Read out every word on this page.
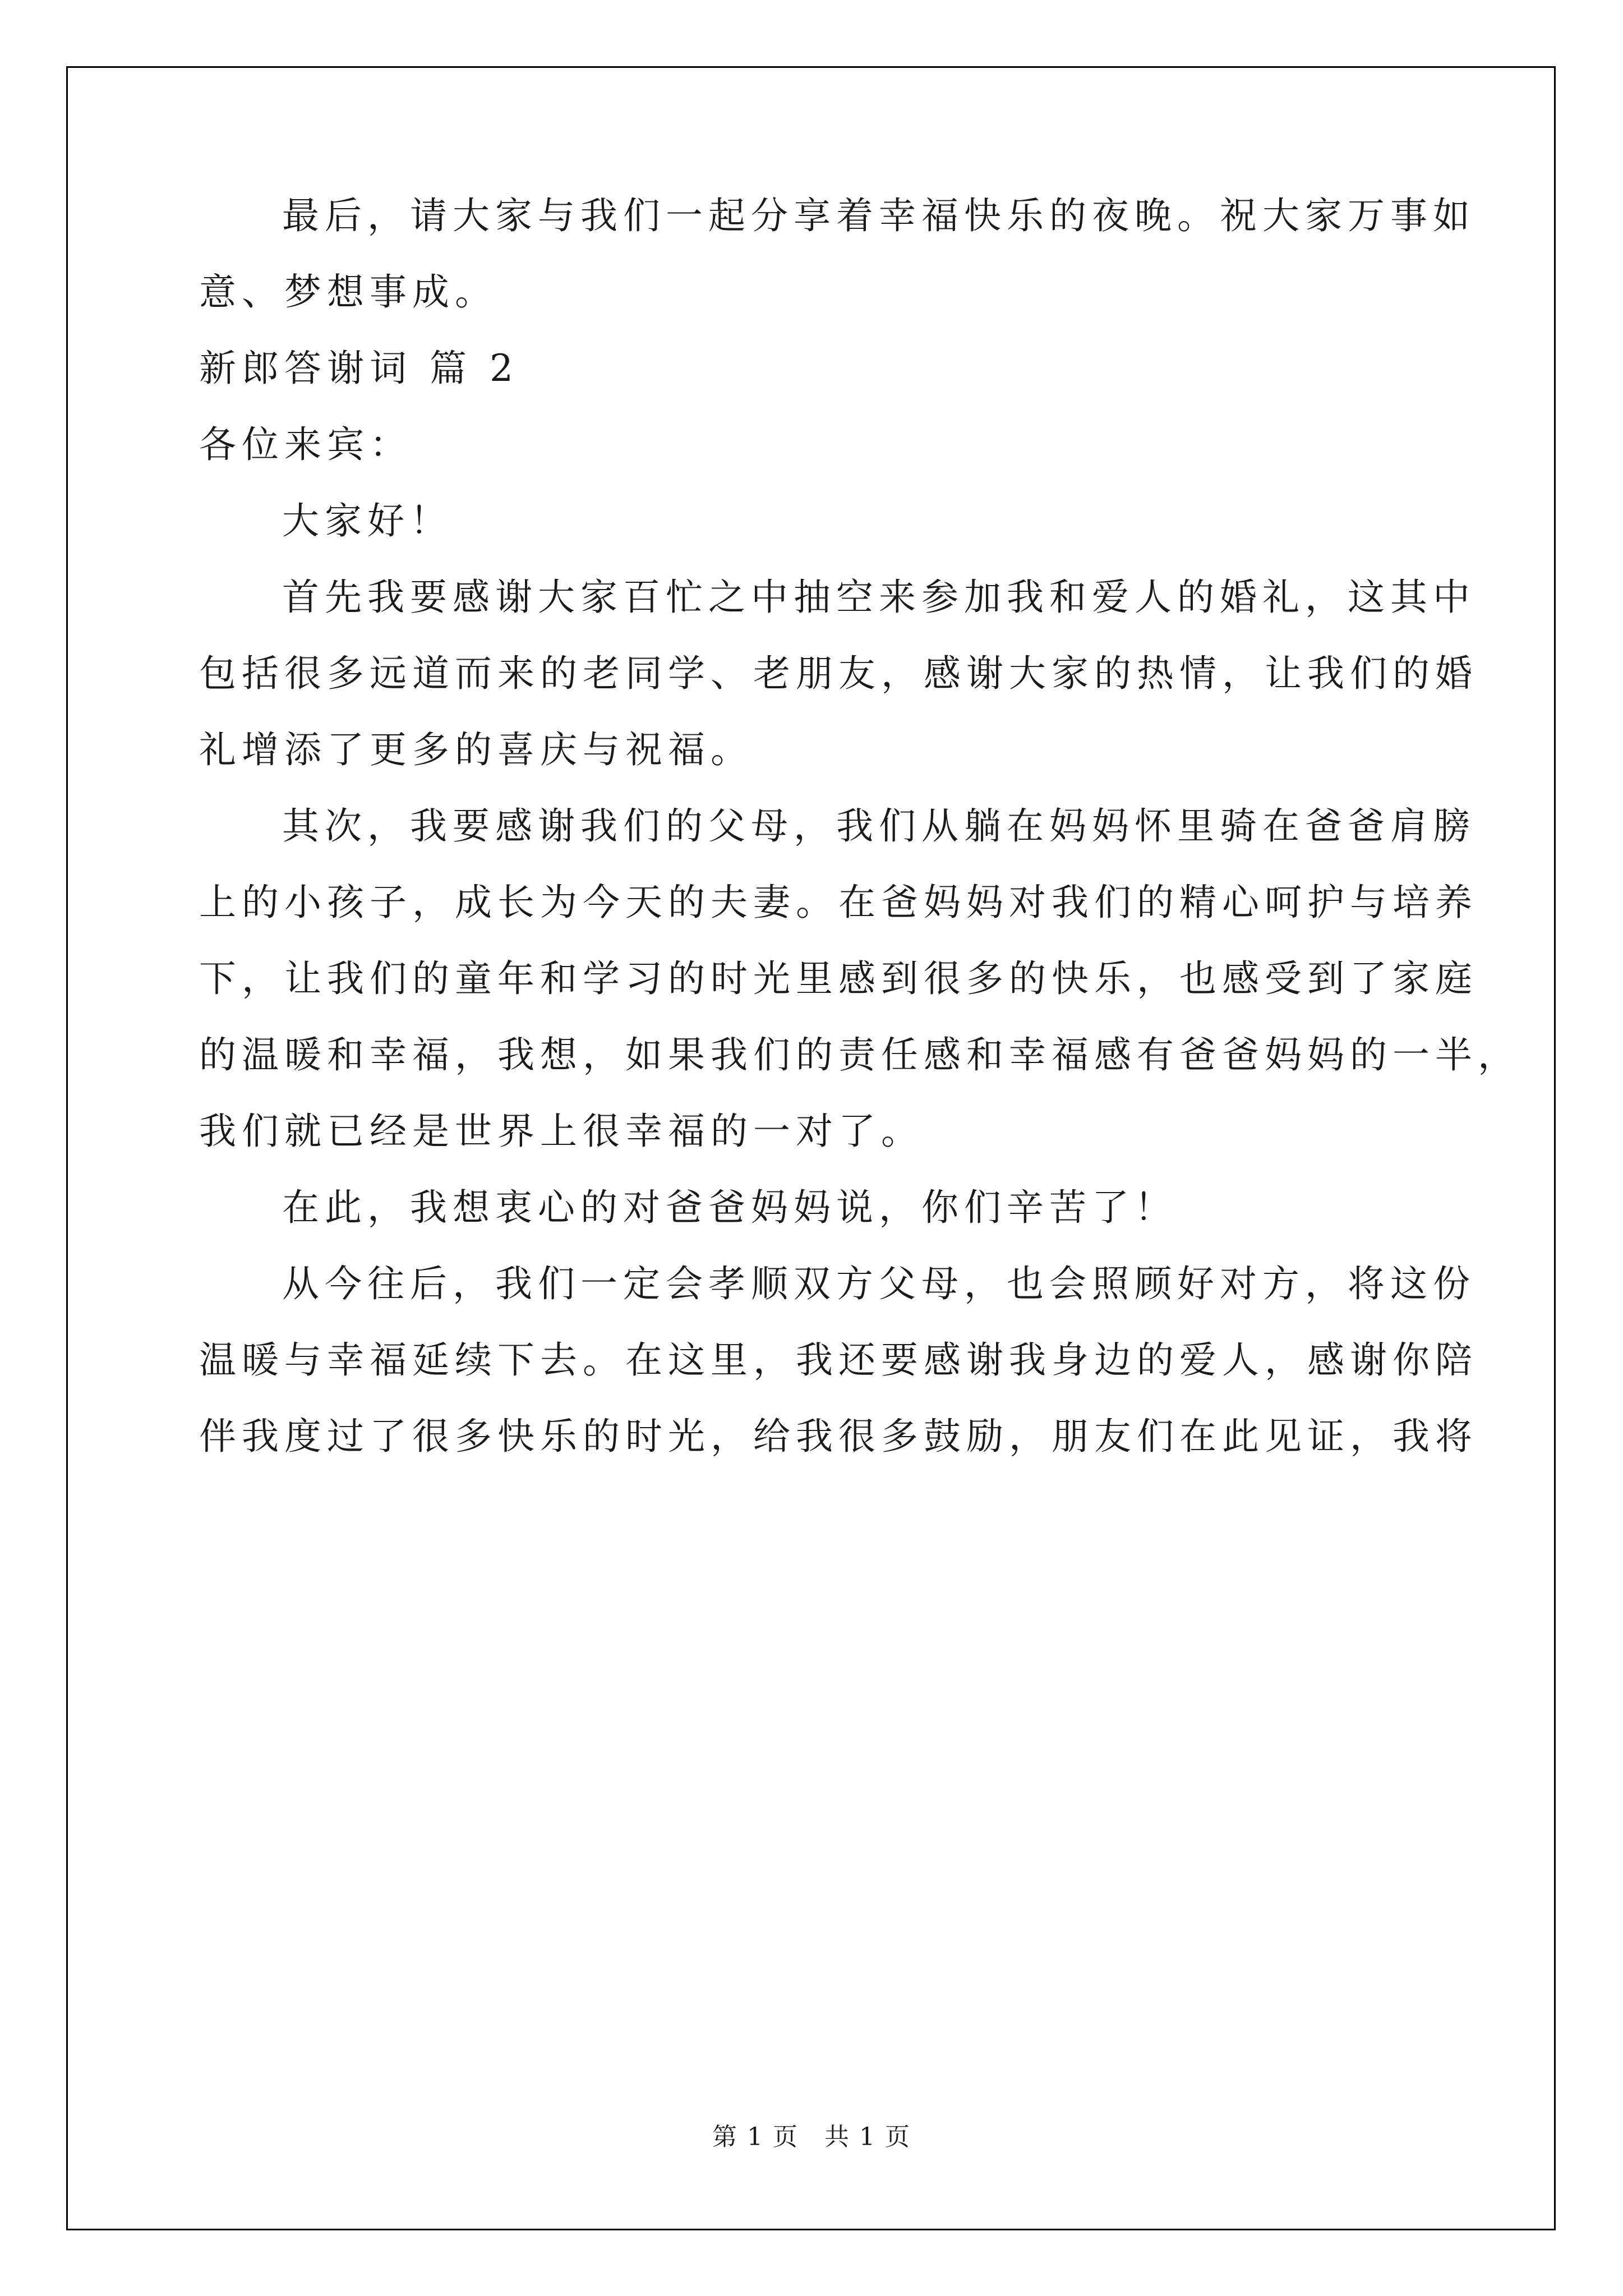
最后，请大家与我们一起分享着幸福快乐的夜晚。祝大家万事如
意、梦想事成。
新郎答谢词 篇 2
各位来宾：
大家好！
首先我要感谢大家百忙之中抽空来参加我和爱人的婚礼，这其中
包括很多远道而来的老同学、老朋友，感谢大家的热情，让我们的婚
礼增添了更多的喜庆与祝福。
其次，我要感谢我们的父母，我们从躺在妈妈怀里骑在爸爸肩膀
上的小孩子，成长为今天的夫妻。在爸妈妈对我们的精心呵护与培养
下，让我们的童年和学习的时光里感到很多的快乐，也感受到了家庭
的温暖和幸福，我想，如果我们的责任感和幸福感有爸爸妈妈的一半，
我们就已经是世界上很幸福的一对了。
在此，我想衷心的对爸爸妈妈说，你们辛苦了！
从今往后，我们一定会孝顺双方父母，也会照顾好对方，将这份
温暖与幸福延续下去。在这里，我还要感谢我身边的爱人，感谢你陪
伴我度过了很多快乐的时光，给我很多鼓励，朋友们在此见证，我将
第 1 页　共 1 页
